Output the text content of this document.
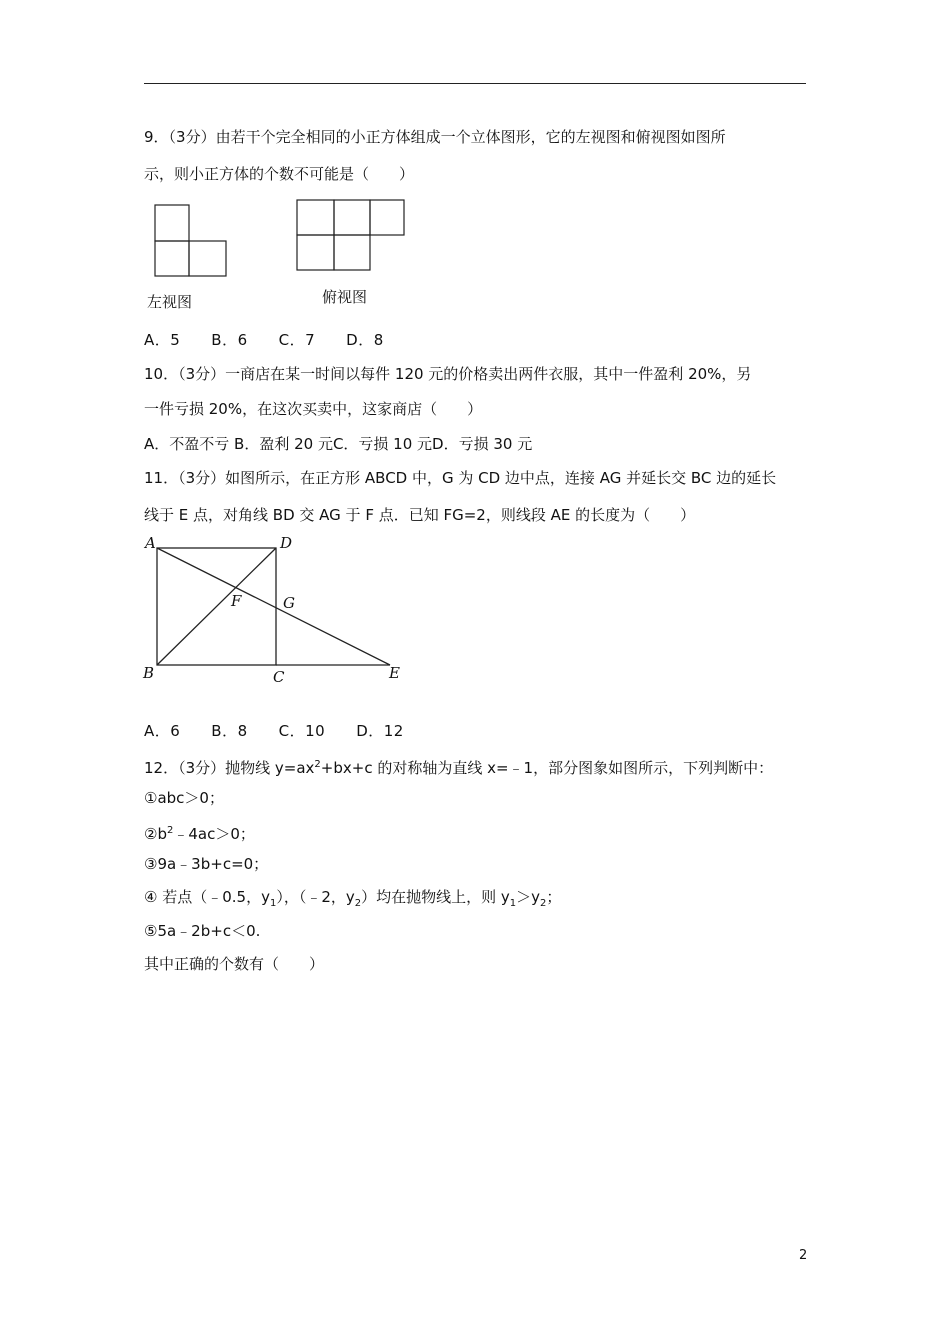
9．（3分）由若干个完全相同的小正方体组成一个立体图形，它的左视图和俯视图如图所
示，则小正方体的个数不可能是（　　）
左视图	俯视图
A．5　　B．6　　C．7　　D．8
10．（3分）一商店在某一时间以每件 120 元的价格卖出两件衣服，其中一件盈利 20%，另
一件亏损 20%，在这次买卖中，这家商店（　　）
A．不盈不亏 B．盈利 20 元C．亏损 10 元D．亏损 30 元
11．（3分）如图所示，在正方形 ABCD 中，G 为 CD 边中点，连接 AG 并延长交 BC 边的延长
线于 E 点，对角线 BD 交 AG 于 F 点．已知 FG=2，则线段 AE 的长度为（　　）
A	D
F	G
B	C	E
A．6　　B．8　　C．10　　D．12
12．（3分）抛物线 $y=ax^2+bx+c$ 的对称轴为直线 x=﹣1，部分图象如图所示，下列判断中：
①abc＞0；
$②b^2﹣4ac>0$；
③9a﹣3b+c=0；
④ 若点（﹣0.5，$y_1$），（﹣2，$y_2$）均在抛物线上，则 $y_1>y_2$；
⑤5a﹣2b+c＜0.
其中正确的个数有（　　）
2
